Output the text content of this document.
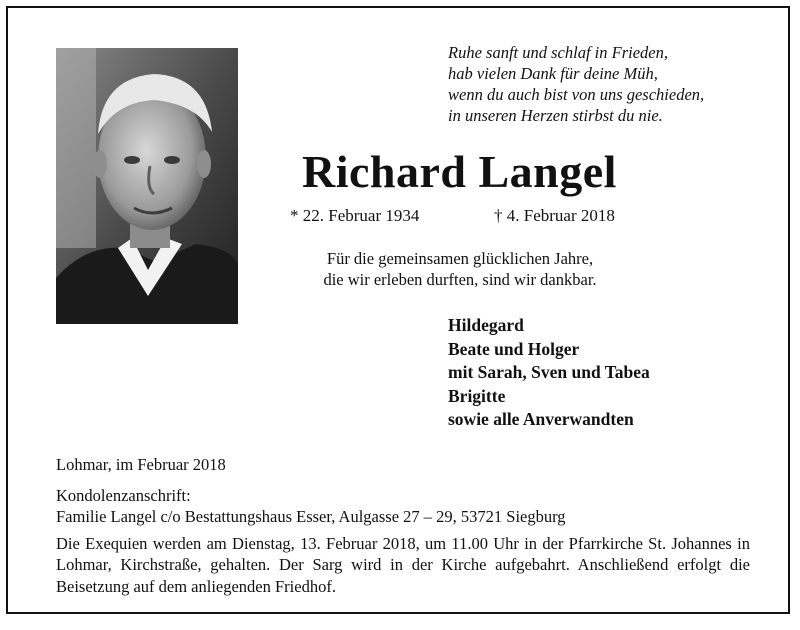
Ruhe sanft und schlaf in Frieden,
hab vielen Dank für deine Müh,
wenn du auch bist von uns geschieden,
in unseren Herzen stirbst du nie.
Richard Langel
* 22. Februar 1934	† 4. Februar 2018
Für die gemeinsamen glücklichen Jahre,
die wir erleben durften, sind wir dankbar.
Hildegard
Beate und Holger
mit Sarah, Sven und Tabea
Brigitte
sowie alle Anverwandten
Lohmar, im Februar 2018
Kondolenzanschrift:
Familie Langel c/o Bestattungshaus Esser, Aulgasse 27 – 29, 53721 Siegburg
Die Exequien werden am Dienstag, 13. Februar 2018, um 11.00 Uhr in der Pfarrkirche St. Johannes in Lohmar, Kirchstraße, gehalten. Der Sarg wird in der Kirche aufgebahrt. Anschließend erfolgt die Beisetzung auf dem anliegenden Friedhof.
